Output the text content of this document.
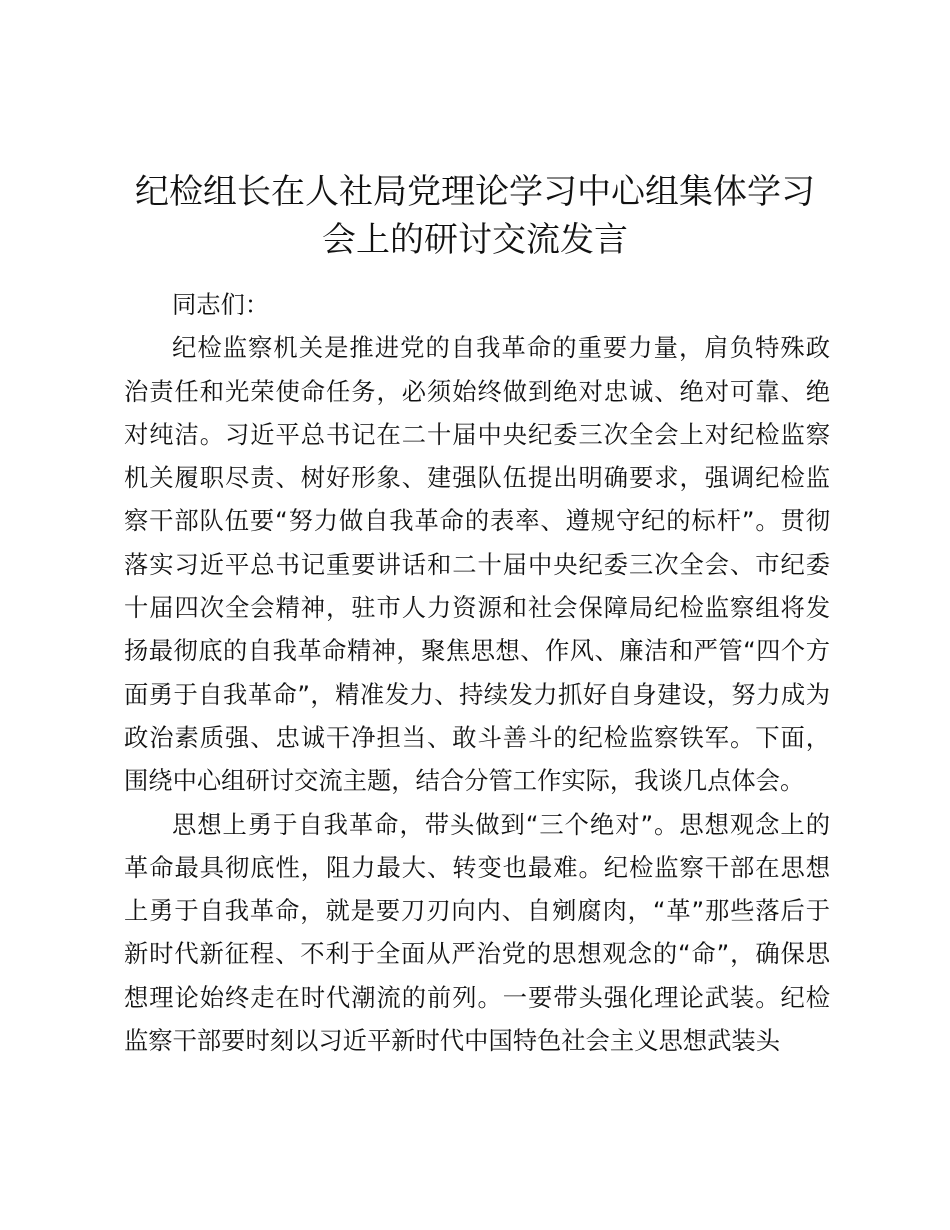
纪检组长在人社局党理论学习中心组集体学习
会上的研讨交流发言
同志们：
纪检监察机关是推进党的自我革命的重要力量，肩负特殊政
治责任和光荣使命任务，必须始终做到绝对忠诚、绝对可靠、绝
对纯洁。习近平总书记在二十届中央纪委三次全会上对纪检监察
机关履职尽责、树好形象、建强队伍提出明确要求，强调纪检监
察干部队伍要“努力做自我革命的表率、遵规守纪的标杆”。贯彻
落实习近平总书记重要讲话和二十届中央纪委三次全会、市纪委
十届四次全会精神，驻市人力资源和社会保障局纪检监察组将发
扬最彻底的自我革命精神，聚焦思想、作风、廉洁和严管“四个方
面勇于自我革命”，精准发力、持续发力抓好自身建设，努力成为
政治素质强、忠诚干净担当、敢斗善斗的纪检监察铁军。下面，
围绕中心组研讨交流主题，结合分管工作实际，我谈几点体会。
思想上勇于自我革命，带头做到“三个绝对”。思想观念上的
革命最具彻底性，阻力最大、转变也最难。纪检监察干部在思想
上勇于自我革命，就是要刀刃向内、自剜腐肉，“革”那些落后于
新时代新征程、不利于全面从严治党的思想观念的“命”，确保思
想理论始终走在时代潮流的前列。一要带头强化理论武装。纪检
监察干部要时刻以习近平新时代中国特色社会主义思想武装头
